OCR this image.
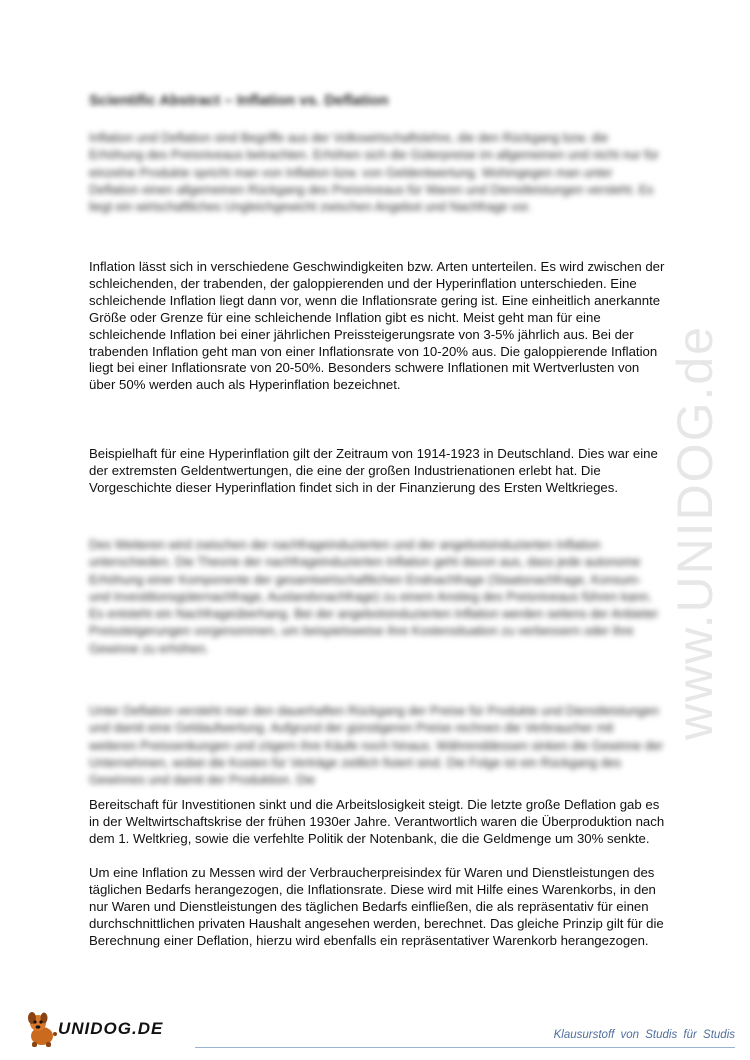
Scientific Abstract – Inflation vs. Deflation
Inflation und Deflation sind Begriffe aus der Volkswirtschaftslehre, die den Rückgang bzw. die Erhöhung des Preisniveaus betrachten. Erhöhen sich die Güterpreise im allgemeinen und nicht nur für einzelne Produkte spricht man von Inflation bzw. von Geldentwertung. Wohingegen man unter Deflation einen allgemeinen Rückgang des Preisniveaus für Waren und Dienstleistungen versteht. Es liegt ein wirtschaftliches Ungleichgewicht zwischen Angebot und Nachfrage vor.

Inflation lässt sich in verschiedene Geschwindigkeiten bzw. Arten unterteilen. Es wird zwischen der schleichenden, der trabenden, der galoppierenden und der Hyperinflation unterschieden. Eine schleichende Inflation liegt dann vor, wenn die Inflationsrate gering ist. Eine einheitlich anerkannte Größe oder Grenze für eine schleichende Inflation gibt es nicht. Meist geht man für eine schleichende Inflation bei einer jährlichen Preissteigerungsrate von 3-5% jährlich aus. Bei der trabenden Inflation geht man von einer Inflationsrate von 10-20% aus. Die galoppierende Inflation liegt bei einer Inflationsrate von 20-50%. Besonders schwere Inflationen mit Wertverlusten von über 50% werden auch als Hyperinflation bezeichnet.

Beispielhaft für eine Hyperinflation gilt der Zeitraum von 1914-1923 in Deutschland. Dies war eine der extremsten Geldentwertungen, die eine der großen Industrienationen erlebt hat. Die Vorgeschichte dieser Hyperinflation findet sich in der Finanzierung des Ersten Weltkrieges.

Des Weiteren wird zwischen der nachfrageinduzierten und der angebotsinduzierten Inflation unterschieden. Die Theorie der nachfrageinduzierten Inflation geht davon aus, dass jede autonome Erhöhung einer Komponente der gesamtwirtschaftlichen Endnachfrage (Staatsnachfrage, Konsum- und Investitionsgüternachfrage, Auslandsnachfrage) zu einem Anstieg des Preisniveaus führen kann. Es entsteht ein Nachfrageüberhang. Bei der angebotsinduzierten Inflation werden seitens der Anbieter Preissteigerungen vorgenommen, um beispielsweise ihre Kostensituation zu verbessern oder ihre Gewinne zu erhöhen.
Unter Deflation versteht man den dauerhaften Rückgang der Preise für Produkte und Dienstleistungen und damit eine Geldaufwertung. Aufgrund der günstigeren Preise rechnen die Verbraucher mit weiteren Preissenkungen und zögern ihre Käufe noch hinaus. Währenddessen sinken die Gewinne der Unternehmen, wobei die Kosten für Verträge zeitlich fixiert sind. Die Folge ist ein Rückgang des Gewinnes und damit der Produktion. Die

Bereitschaft für Investitionen sinkt und die Arbeitslosigkeit steigt. Die letzte große Deflation gab es in der Weltwirtschaftskrise der frühen 1930er Jahre. Verantwortlich waren die Überproduktion nach dem 1. Weltkrieg, sowie die verfehlte Politik der Notenbank, die die Geldmenge um 30% senkte.

Um eine Inflation zu Messen wird der Verbraucherpreisindex für Waren und Dienstleistungen des täglichen Bedarfs herangezogen, die Inflationsrate. Diese wird mit Hilfe eines Warenkorbs, in den nur Waren und Dienstleistungen des täglichen Bedarfs einfließen, die als repräsentativ für einen durchschnittlichen privaten Haushalt angesehen werden, berechnet. Das gleiche Prinzip gilt für die Berechnung einer Deflation, hierzu wird ebenfalls ein repräsentativer Warenkorb herangezogen.

www.UNIDOG.de
UNIDOG.DE	Klausurstoff von Studis für Studis
